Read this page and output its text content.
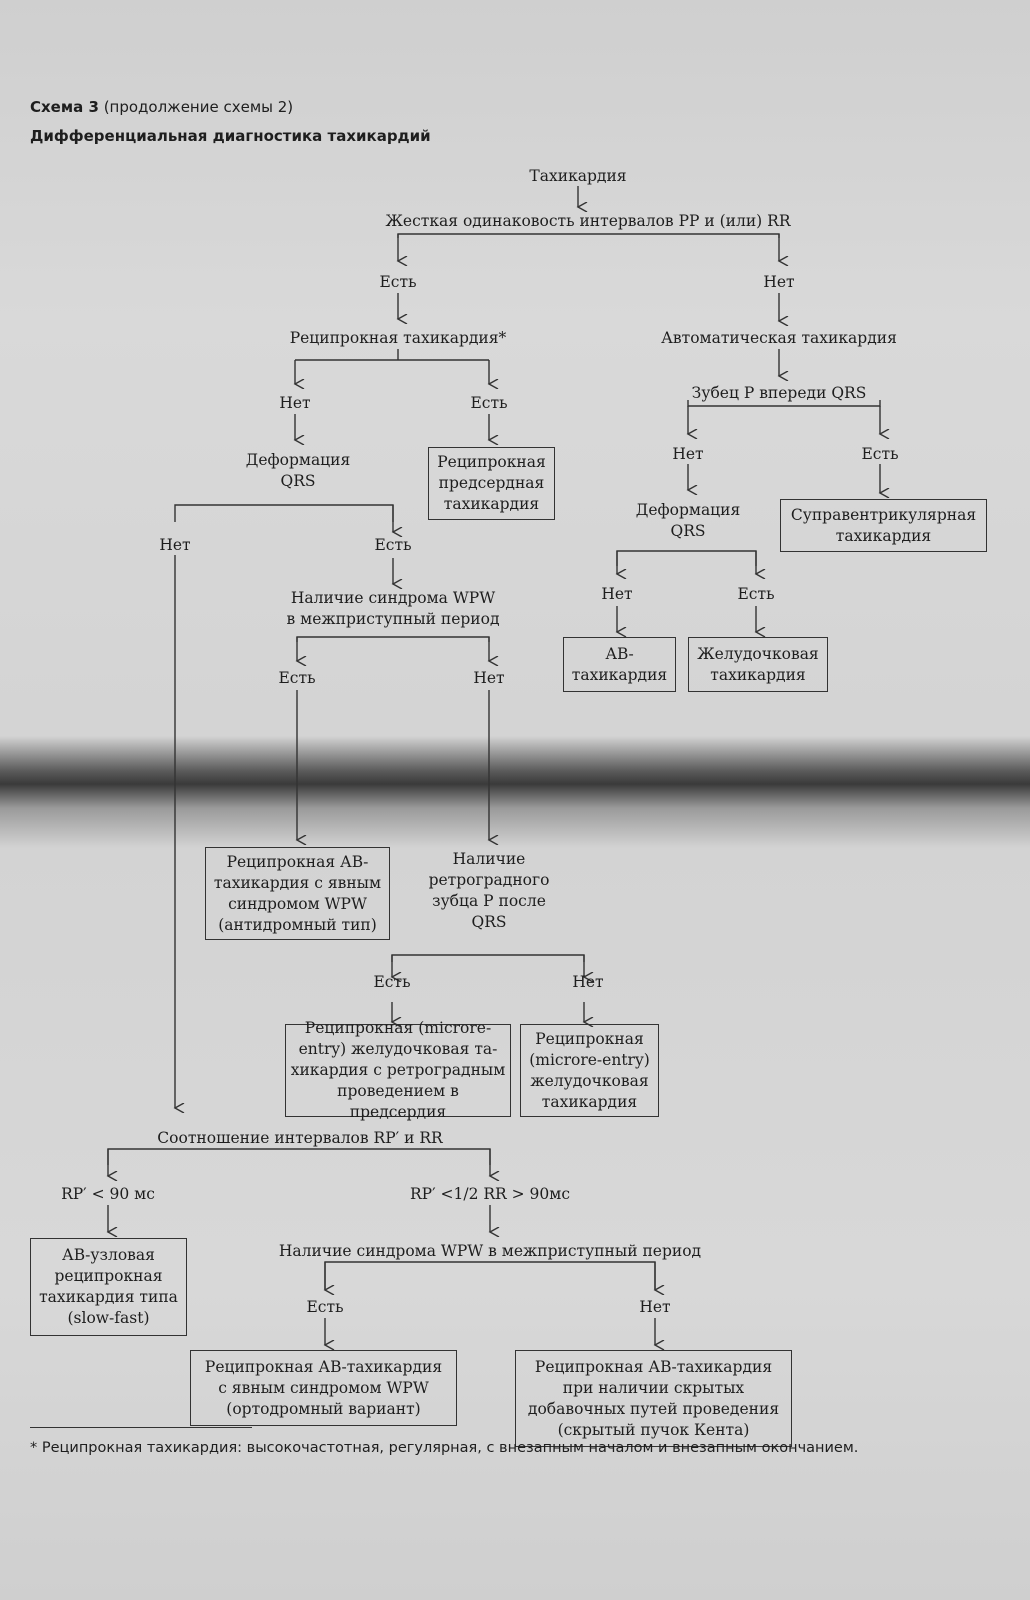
Схема 3 (продолжение схемы 2)
Дифференциальная диагностика тахикардий
Тахикардия
Жесткая одинаковость интервалов PP и (или) RR
Есть	Нет
Реципрокная тахикардия*	Автоматическая тахикардия
Нет	Есть
Деформация
QRS
Реципрокная
предсердная
тахикардия
Зубец P впереди QRS
Нет	Есть
Деформация
QRS
Суправентрикулярная
тахикардия
Нет	Есть
АВ-
тахикардия
Желудочковая
тахикардия
Нет	Есть
Наличие синдрома WPW
в межприступный период
Есть	Нет
Реципрокная АВ-
тахикардия с явным
синдромом WPW
(антидромный тип)
Наличие
ретроградного
зубца P после
QRS
Есть	Нет
Реципрокная (microre-
entry) желудочковая та-
хикардия с ретроградным
проведением в предсердия
Реципрокная
(microre-entry)
желудочковая
тахикардия
Соотношение интервалов RP′ и RR
RP′ < 90 мс	RP′ <1/2 RR > 90мс
АВ-узловая
реципрокная
тахикардия типа
(slow-fast)
Наличие синдрома WPW в межприступный период
Есть	Нет
Реципрокная АВ-тахикардия
с явным синдромом WPW
(ортодромный вариант)
Реципрокная АВ-тахикардия
при наличии скрытых
добавочных путей проведения
(скрытый пучок Кента)
* Реципрокная тахикардия: высокочастотная, регулярная, с внезапным началом и внезапным окончанием.
